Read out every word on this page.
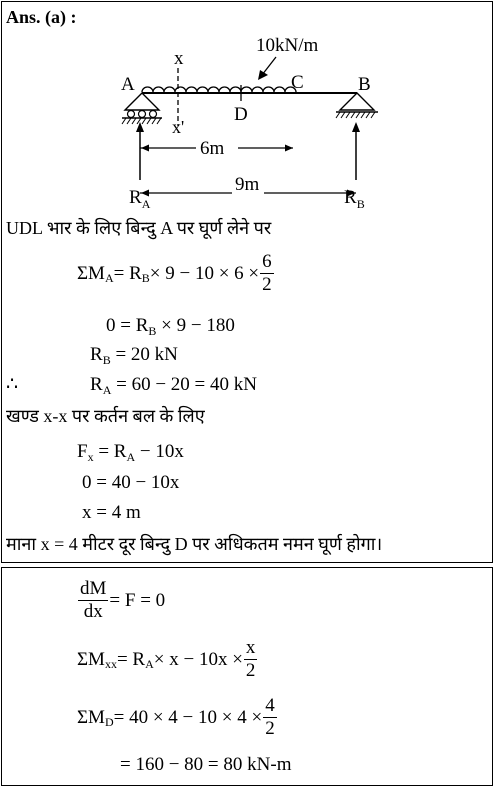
Ans. (a) :
10kN/m
A	C	B
D
x
x'
6m
9m
$R_A$	$R_B$
UDL भार के लिए बिन्दु A पर घूर्ण लेने पर
ΣM A = R $B \times 9 - 10 \times 6 \times \frac{6}{2}$
$0 = R_B \times 9 - 180$
$R_B = 20$ kN
∴	$R_A = 60 - 20 = 40$ kN
खण्ड x-x पर कर्तन बल के लिए
$F_x = R_A - 10x$
0 = 40 − 10x
x = 4 m
माना x = 4 मीटर दूर बिन्दु D पर अधिकतम नमन घूर्ण होगा।
$\frac{dM}{dx} = F = 0$
ΣM xx = R $A \times x - 10x \times \frac{x}{2}$
ΣM $D = 40 \times 4 - 10 \times 4 \times \frac{4}{2}$
= 160 − 80 = 80 kN-m
